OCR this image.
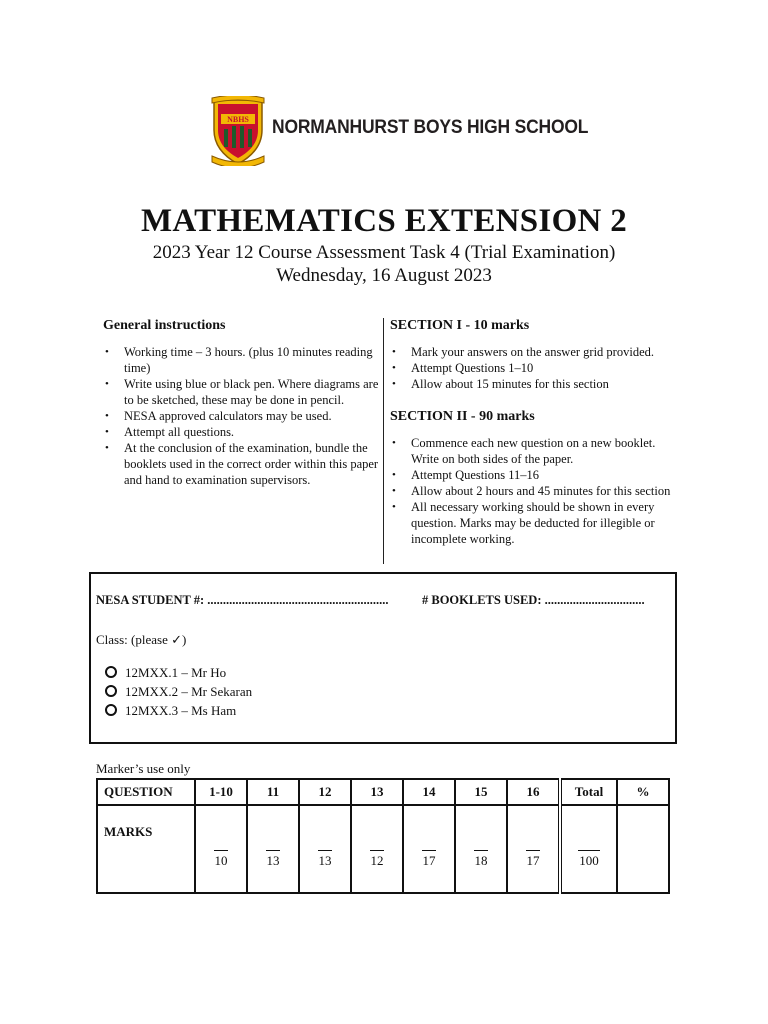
NBHS NORMANHURST BOYS HIGH SCHOOL
MATHEMATICS EXTENSION 2
2023 Year 12 Course Assessment Task 4 (Trial Examination)
Wednesday, 16 August 2023
General instructions
• Working time – 3 hours. (plus 10 minutes reading time)
• Write using blue or black pen. Where diagrams are to be sketched, these may be done in pencil.
• NESA approved calculators may be used.
• Attempt all questions.
• At the conclusion of the examination, bundle the booklets used in the correct order within this paper and hand to examination supervisors.
SECTION I - 10 marks
• Mark your answers on the answer grid provided.
• Attempt Questions 1–10
• Allow about 15 minutes for this section
SECTION II - 90 marks
• Commence each new question on a new booklet. Write on both sides of the paper.
• Attempt Questions 11–16
• Allow about 2 hours and 45 minutes for this section
• All necessary working should be shown in every question. Marks may be deducted for illegible or incomplete working.
NESA STUDENT #: ..........................................................	# BOOKLETS USED: ................................
Class: (please ✓)
12MXX.1 – Mr Ho
12MXX.2 – Mr Sekaran
12MXX.3 – Ms Ham
Marker’s use only
QUESTION	1-10	11	12	13	14	15	16	Total	%
MARKS	10	13	13	12	17	18	17	100	
